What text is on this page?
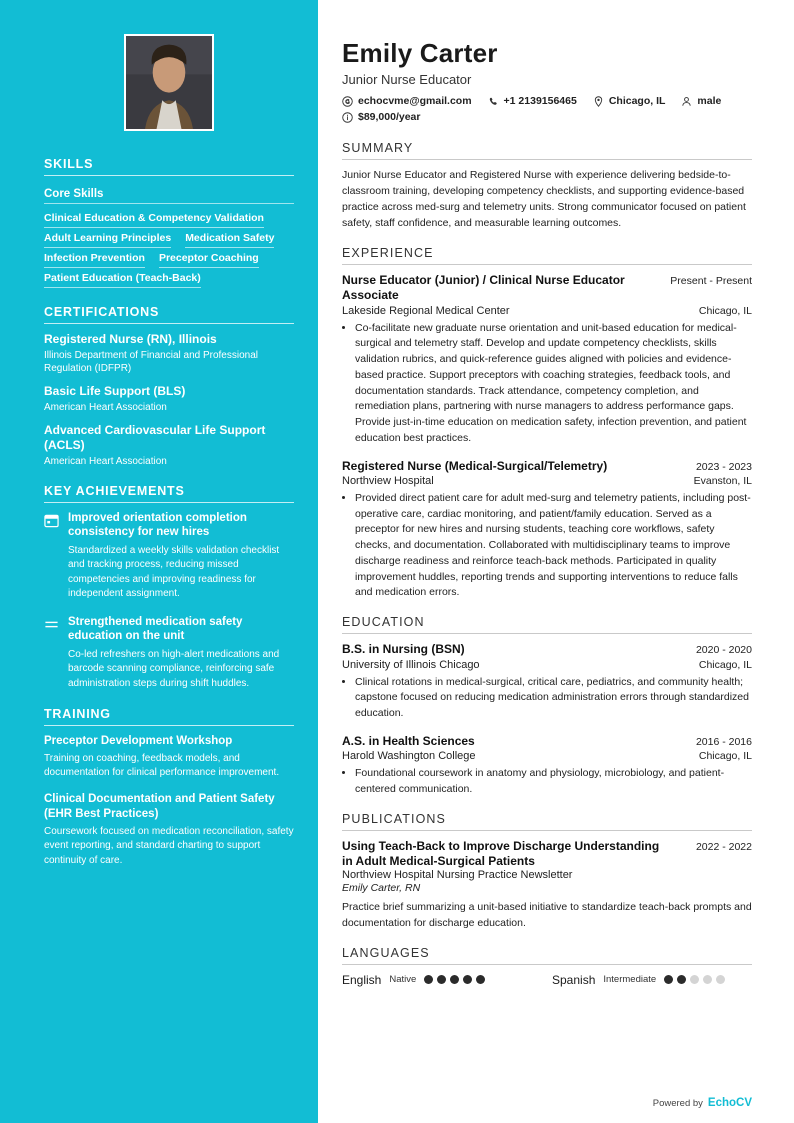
SKILLS
Core Skills
Clinical Education & Competency Validation
Adult Learning Principles Medication Safety
Infection Prevention Preceptor Coaching
Patient Education (Teach-Back)
CERTIFICATIONS
Registered Nurse (RN), Illinois
Illinois Department of Financial and Professional Regulation (IDFPR)
Basic Life Support (BLS)
American Heart Association
Advanced Cardiovascular Life Support (ACLS)
American Heart Association
KEY ACHIEVEMENTS
Improved orientation completion consistency for new hires
Standardized a weekly skills validation checklist and tracking process, reducing missed competencies and improving readiness for independent assignment.
Strengthened medication safety education on the unit
Co-led refreshers on high-alert medications and barcode scanning compliance, reinforcing safe administration steps during shift huddles.
TRAINING
Preceptor Development Workshop
Training on coaching, feedback models, and documentation for clinical performance improvement.
Clinical Documentation and Patient Safety (EHR Best Practices)
Coursework focused on medication reconciliation, safety event reporting, and standard charting to support continuity of care.
Emily Carter
Junior Nurse Educator
echocvme@gmail.com	+1 2139156465	Chicago, IL	male
$89,000/year
SUMMARY

Junior Nurse Educator and Registered Nurse with experience delivering bedside-to-classroom training, developing competency checklists, and supporting evidence-based practice across med-surg and telemetry units. Strong communicator focused on patient safety, staff confidence, and measurable learning outcomes.

EXPERIENCE
Nurse Educator (Junior) / Clinical Nurse Educator Associate
Present - Present
Lakeside Regional Medical Center	Chicago, IL
• Co-facilitate new graduate nurse orientation and unit-based education for medical-surgical and telemetry staff. Develop and update competency checklists, skills validation rubrics, and quick-reference guides aligned with policies and evidence-based practice. Support preceptors with coaching strategies, feedback tools, and documentation standards. Track attendance, competency completion, and remediation plans, partnering with nurse managers to address performance gaps. Provide just-in-time education on medication safety, infection prevention, and patient education best practices.
Registered Nurse (Medical-Surgical/Telemetry)	2023 - 2023
Northview Hospital	Evanston, IL
• Provided direct patient care for adult med-surg and telemetry patients, including post-operative care, cardiac monitoring, and patient/family education. Served as a preceptor for new hires and nursing students, teaching core workflows, safety checks, and documentation. Collaborated with multidisciplinary teams to improve discharge readiness and reinforce teach-back methods. Participated in quality improvement huddles, reporting trends and supporting interventions to reduce falls and medication errors.
EDUCATION
B.S. in Nursing (BSN)	2020 - 2020
University of Illinois Chicago	Chicago, IL
• Clinical rotations in medical-surgical, critical care, pediatrics, and community health; capstone focused on reducing medication administration errors through standardized education.
A.S. in Health Sciences	2016 - 2016
Harold Washington College	Chicago, IL
• Foundational coursework in anatomy and physiology, microbiology, and patient-centered communication.
PUBLICATIONS
Using Teach-Back to Improve Discharge Understanding in Adult Medical-Surgical Patients
2022 - 2022
Northview Hospital Nursing Practice Newsletter
Emily Carter, RN
Practice brief summarizing a unit-based initiative to standardize teach-back prompts and documentation for discharge education.
LANGUAGES
English Native	Spanish Intermediate
Powered by EchoCV
